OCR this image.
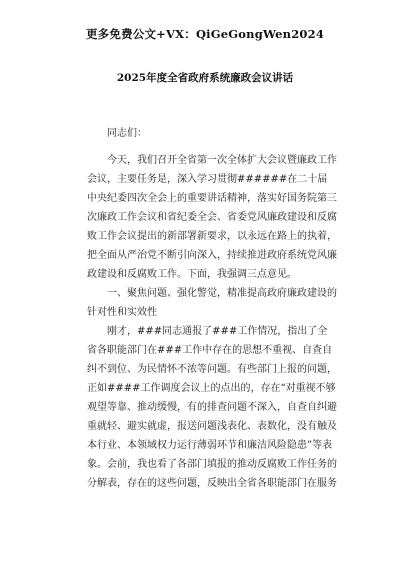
更多免费公文+VX：QiGeGongWen2024
2025年度全省政府系统廉政会议讲话
同志们：
今天，我们召开全省第一次全体扩大会议暨廉政工作
会议，主要任务是，深入学习贯彻######在二十届
中央纪委四次全会上的重要讲话精神，落实好国务院第三
次廉政工作会议和省纪委全会、省委党风廉政建设和反腐
败工作会议提出的新部署新要求，以永远在路上的执着，
把全面从严治党不断引向深入，持续推进政府系统党风廉
政建设和反腐败工作。下面，我强调三点意见。
一、聚焦问题、强化警觉，精准提高政府廉政建设的
针对性和实效性
刚才，###同志通报了###工作情况，指出了全
省各职能部门在###工作中存在的思想不重视、自查自
纠不到位、为民情怀不浓等问题。有些部门上报的问题，
正如####工作调度会议上的点出的，存在“对重视不够
观望等靠、推动缓慢，有的排查问题不深入，自查自纠避
重就轻、避实就虚，报送问题浅表化、表数化，没有触及
本行业、本领域权力运行薄弱环节和廉洁风险隐患”等表
象。会前，我也看了各部门填报的推动反腐败工作任务的
分解表，存在的这些问题，反映出全省各职能部门在服务
